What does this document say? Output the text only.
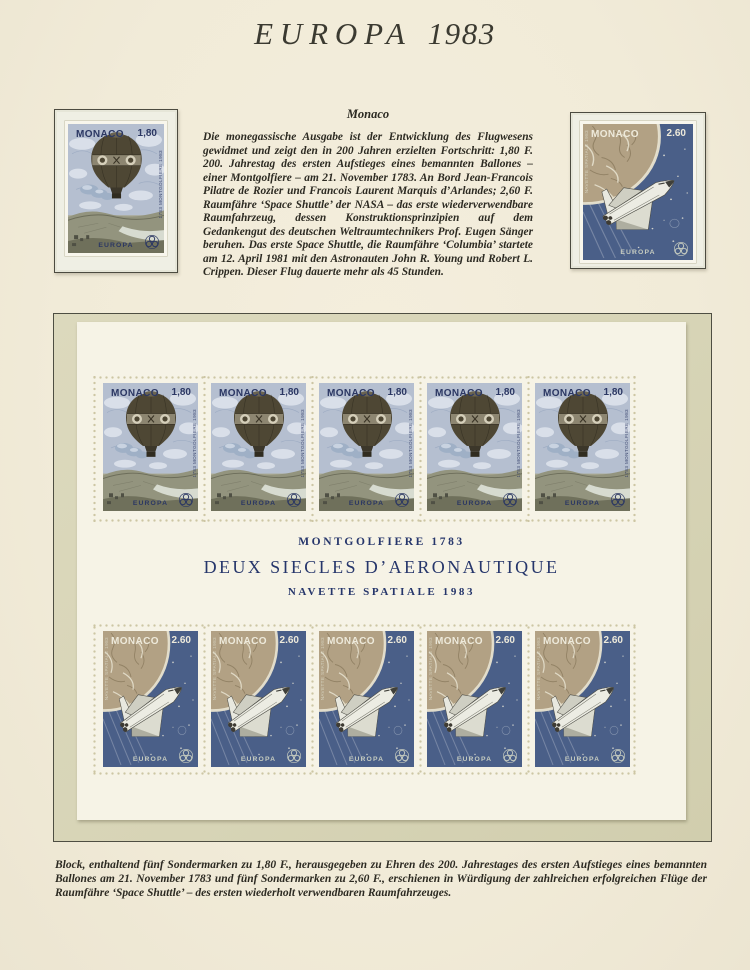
EUROPA 1983
MONACO 1,80
1783 MONTGOLFIERE 1983
EUROPA

Monaco

Die monegassische Ausgabe ist der Entwicklung des Flugwesens gewidmet und zeigt den in 200 Jahren erzielten Fortschritt: 1,80 F. 200. Jahrestag des ersten Aufstieges eines bemannten Ballones – einer Montgolfiere – am 21. November 1783. An Bord Jean-Francois Pilatre de Rozier und Francois Laurent Marquis d’Arlandes; 2,60 F. Raumfähre ‘Space Shuttle’ der NASA – das erste wiederverwendbare Raumfahrzeug, dessen Konstruktionsprinzipien auf dem Gedankengut des deutschen Weltraumtechnikers Prof. Eugen Sänger beruhen. Das erste Space Shuttle, die Raumfähre ‘Columbia’ startete am 12. April 1981 mit den Astronauten John R. Young und Robert L. Crippen. Dieser Flug dauerte mehr als 45 Stunden.

MONACO	2.60
NAVETTE SPATIALE 1983
EUROPA
MONACO 1,80
1783 MONTGOLFIERE 1983
EUROPA
MONACO 1,80
1783 MONTGOLFIERE 1983
EUROPA
MONACO 1,80
1783 MONTGOLFIERE 1983
EUROPA
MONACO 1,80
1783 MONTGOLFIERE 1983
EUROPA
MONACO 1,80
1783 MONTGOLFIERE 1983
EUROPA
MONTGOLFIERE 1783
DEUX SIECLES D’AERONAUTIQUE
NAVETTE SPATIALE 1983
MONACO 2.60
NAVETTE SPATIALE 1983
EUROPA
MONACO 2.60
NAVETTE SPATIALE 1983
EUROPA
MONACO 2.60
NAVETTE SPATIALE 1983
EUROPA
MONACO 2.60
NAVETTE SPATIALE 1983
EUROPA
MONACO 2.60
NAVETTE SPATIALE 1983
EUROPA

Block, enthaltend fünf Sondermarken zu 1,80 F., herausgegeben zu Ehren des 200. Jahrestages des ersten Aufstieges eines bemannten Ballones am 21. November 1783 und fünf Sondermarken zu 2,60 F., erschienen in Würdigung der zahlreichen erfolgreichen Flüge der Raumfähre ‘Space Shuttle’ – des ersten wiederholt verwendbaren Raumfahrzeuges.
